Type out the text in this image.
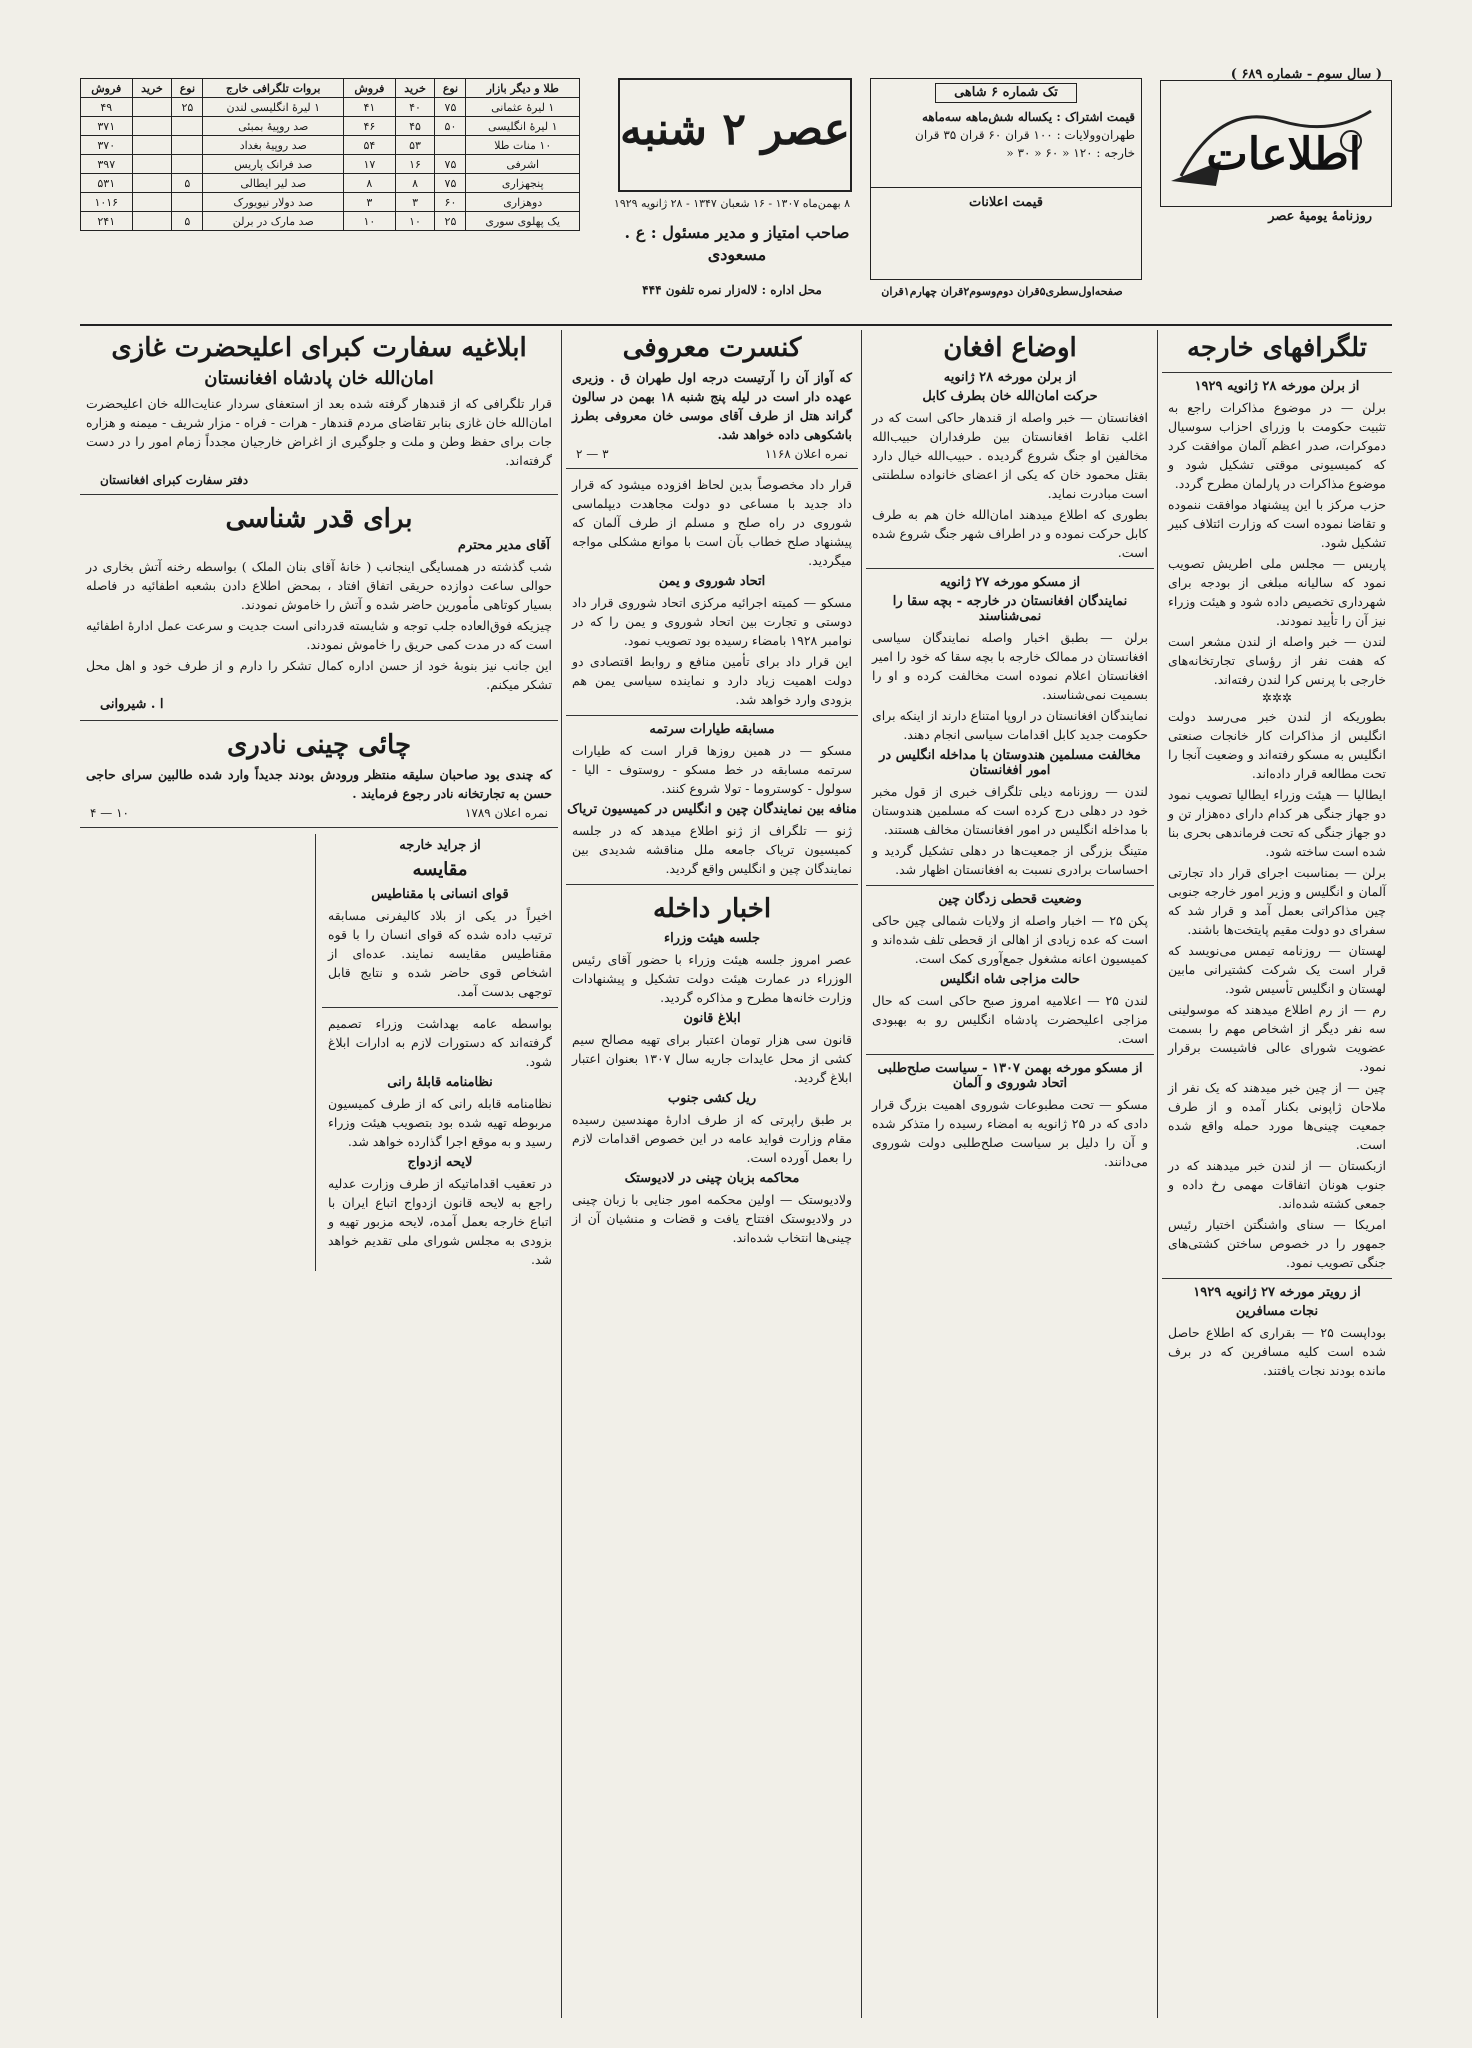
اطلاعات
( سال سوم - شماره ۶۸۹ )
روزنامهٔ یومیهٔ عصر
تک شماره ۶ شاهی
قیمت اشتراک : یکساله شش‌ماهه سه‌ماهه
طهران‌وولایات : ۱۰۰ قران ۶۰ قران ۳۵ قران
خارجه : ۱۲۰ « ۶۰ « ۳۰ «
قیمت اعلانات
صفحه‌اول‌سطری۵قران دوم‌وسوم۲قران چهارم۱قران
عصر ۲ شنبه
۸ بهمن‌ماه ۱۳۰۷ - ۱۶ شعبان ۱۳۴۷ - ۲۸ ژانویه ۱۹۲۹
صاحب امتیاز و مدیر مسئول : ع . مسعودی
محل اداره : لاله‌زار نمره تلفون ۴۴۴
طلا و دیگر بازار	نوع	خرید	فروش	بروات تلگرافی خارج	نوع	خرید	فروش
۱ لیرهٔ عثمانی	۷۵	۴۰	۴۱	۱ لیرهٔ انگلیسی لندن	۲۵		۴۹
۱ لیرهٔ انگلیسی	۵۰	۴۵	۴۶	صد روپیهٔ بمبئی			۳۷۱
۱۰ منات طلا		۵۳	۵۴	صد روپیهٔ بغداد			۳۷۰
اشرفی	۷۵	۱۶	۱۷	صد فرانک پاریس			۳۹۷
پنجهزاری	۷۵	۸	۸	صد لیر ایطالی	۵		۵۳۱
دوهزاری	۶۰	۳	۳	صد دولار نیویورک			۱۰۱۶
یک پهلوی سوری	۲۵	۱۰	۱۰	صد مارک در برلن	۵		۲۴۱
تلگرافهای خارجه
از برلن مورخه ۲۸ ژانویه ۱۹۲۹

برلن — در موضوع مذاکرات راجع به تثبیت حکومت با وزرای احزاب سوسیال دموکرات، صدر اعظم آلمان موافقت کرد که کمیسیونی موقتی تشکیل شود و موضوع مذاکرات در پارلمان مطرح گردد.

حزب مرکز با این پیشنهاد موافقت ننموده و تقاضا نموده است که وزارت ائتلاف کبیر تشکیل شود.

پاریس — مجلس ملی اطریش تصویب نمود که سالیانه مبلغی از بودجه برای شهرداری تخصیص داده شود و هیئت وزراء نیز آن را تأیید نمودند.

لندن — خبر واصله از لندن مشعر است که هفت نفر از رؤسای تجارتخانه‌های خارجی با پرنس کرا لندن رفته‌اند.

✲✲✲

بطوریکه از لندن خبر می‌رسد دولت انگلیس از مذاکرات کار خانجات صنعتی انگلیس به مسکو رفته‌اند و وضعیت آنجا را تحت مطالعه قرار داده‌اند.

ایطالیا — هیئت وزراء ایطالیا تصویب نمود دو جهاز جنگی هر کدام دارای ده‌هزار تن و دو جهاز جنگی که تحت فرماندهی بحری بنا شده است ساخته شود.

برلن — بمناسبت اجرای قرار داد تجارتی آلمان و انگلیس و وزیر امور خارجه جنوبی چین مذاکراتی بعمل آمد و قرار شد که سفرای دو دولت مقیم پایتخت‌ها باشند.

لهستان — روزنامه تیمس می‌نویسد که قرار است یک شرکت کشتیرانی مابین لهستان و انگلیس تأسیس شود.

رم — از رم اطلاع میدهند که موسولینی سه نفر دیگر از اشخاص مهم را بسمت عضویت شورای عالی فاشیست برقرار نمود.

چین — از چین خبر میدهند که یک نفر از ملاحان ژاپونی بکنار آمده و از طرف جمعیت چینی‌ها مورد حمله واقع شده است.

ازبکستان — از لندن خبر میدهند که در جنوب هونان اتفاقات مهمی رخ داده و جمعی کشته شده‌اند.

امریکا — سنای واشنگتن اختیار رئیس جمهور را در خصوص ساختن کشتی‌های جنگی تصویب نمود.

از رویتر مورخه ۲۷ ژانویه ۱۹۲۹
نجات مسافرین

بوداپست ۲۵ — بقراری که اطلاع حاصل شده است کلیه مسافرین که در برف مانده بودند نجات یافتند.

اوضاع افغان
از برلن مورخه ۲۸ ژانویه
حرکت امان‌الله خان بطرف کابل

افغانستان — خبر واصله از قندهار حاکی است که در اغلب نقاط افغانستان بین طرفداران حبیب‌الله مخالفین او جنگ شروع گردیده . حبیب‌الله خیال دارد بقتل محمود خان که یکی از اعضای خانواده سلطنتی است مبادرت نماید.

بطوری که اطلاع میدهند امان‌الله خان هم به طرف کابل حرکت نموده و در اطراف شهر جنگ شروع شده است.

از مسکو مورخه ۲۷ ژانویه
نمایندگان افغانستان در خارجه - بچه سقا را نمی‌شناسند

برلن — بطبق اخبار واصله نمایندگان سیاسی افغانستان در ممالک خارجه با بچه سقا که خود را امیر افغانستان اعلام نموده است مخالفت کرده و او را بسمیت نمی‌شناسند.

نمایندگان افغانستان در اروپا امتناع دارند از اینکه برای حکومت جدید کابل اقدامات سیاسی انجام دهند.

مخالفت مسلمین هندوستان با مداخله انگلیس در امور افغانستان

لندن — روزنامه دیلی تلگراف خبری از قول مخبر خود در دهلی درج کرده است که مسلمین هندوستان با مداخله انگلیس در امور افغانستان مخالف هستند.

متینگ بزرگی از جمعیت‌ها در دهلی تشکیل گردید و احساسات برادری نسبت به افغانستان اظهار شد.

وضعیت قحطی زدگان چین

پکن ۲۵ — اخبار واصله از ولایات شمالی چین حاکی است که عده زیادی از اهالی از قحطی تلف شده‌اند و کمیسیون اعانه مشغول جمع‌آوری کمک است.

حالت مزاجی شاه انگلیس

لندن ۲۵ — اعلامیه امروز صبح حاکی است که حال مزاجی اعلیحضرت پادشاه انگلیس رو به بهبودی است.

از مسکو مورخه بهمن ۱۳۰۷ - سیاست صلح‌طلبی اتحاد شوروی و آلمان

مسکو — تحت مطبوعات شوروی اهمیت بزرگ قرار دادی که در ۲۵ ژانویه به امضاء رسیده را متذکر شده و آن را دلیل بر سیاست صلح‌طلبی دولت شوروی می‌دانند.

کنسرت معروفی

که آواز آن را آرتیست درجه اول طهران ق . وزیری عهده دار است در لیله پنج شنبه ۱۸ بهمن در سالون گراند هتل از طرف آقای موسی خان معروفی بطرز باشکوهی داده خواهد شد.

نمره اعلان ۱۱۶۸
۳ — ۲

قرار داد مخصوصاً بدین لحاظ افزوده میشود که قرار داد جدید با مساعی دو دولت مجاهدت دیپلماسی شوروی در راه صلح و مسلم از طرف آلمان که پیشنهاد صلح خطاب بآن است با موانع مشکلی مواجه میگردید.

اتحاد شوروی و یمن

مسکو — کمیته اجرائیه مرکزی اتحاد شوروی قرار داد دوستی و تجارت بین اتحاد شوروی و یمن را که در نوامبر ۱۹۲۸ بامضاء رسیده بود تصویب نمود.

این قرار داد برای تأمین منافع و روابط اقتصادی دو دولت اهمیت زیاد دارد و نماینده سیاسی یمن هم بزودی وارد خواهد شد.

مسابقه طیارات سرتمه

مسکو — در همین روزها قرار است که طیارات سرتمه مسابقه در خط مسکو - روستوف - الیا - سولول - کوستروما - تولا شروع کنند.

منافه بین نمایندگان چین و انگلیس در کمیسیون تریاک

ژنو — تلگراف از ژنو اطلاع میدهد که در جلسه کمیسیون تریاک جامعه ملل مناقشه شدیدی بین نمایندگان چین و انگلیس واقع گردید.

اخبار داخله
جلسه هیئت وزراء

عصر امروز جلسه هیئت وزراء با حضور آقای رئیس الوزراء در عمارت هیئت دولت تشکیل و پیشنهادات وزارت خانه‌ها مطرح و مذاکره گردید.

ابلاغ قانون

قانون سی هزار تومان اعتبار برای تهیه مصالح سیم کشی از محل عایدات جاریه سال ۱۳۰۷ بعنوان اعتبار ابلاغ گردید.

ریل کشی جنوب

بر طبق راپرتی که از طرف ادارهٔ مهندسین رسیده مقام وزارت فواید عامه در این خصوص اقدامات لازم را بعمل آورده است.

محاکمه بزبان چینی در لادیوستک

ولادیوستک — اولین محکمه امور جنایی با زبان چینی در ولادیوستک افتتاح یافت و قضات و منشیان آن از چینی‌ها انتخاب شده‌اند.

ابلاغیه سفارت کبرای اعلیحضرت غازی
امان‌الله خان پادشاه افغانستان

قرار تلگرافی که از قندهار گرفته شده بعد از استعفای سردار عنایت‌الله خان اعلیحضرت امان‌الله خان غازی بنابر تقاضای مردم قندهار - هرات - فراه - مزار شریف - میمنه و هزاره جات برای حفظ وطن و ملت و جلوگیری از اغراض خارجیان مجدداً زمام امور را در دست گرفته‌اند.

دفتر سفارت کبرای افغانستان
برای قدر شناسی
آقای مدیر محترم

شب گذشته در همسایگی اینجانب ( خانهٔ آقای بنان الملک ) بواسطه رخنه آتش بخاری در حوالی ساعت دوازده حریقی اتفاق افتاد ، بمحض اطلاع دادن بشعبه اطفائیه در فاصله بسیار کوتاهی مأمورین حاضر شده و آتش را خاموش نمودند.

چیزیکه فوق‌العاده جلب توجه و شایسته قدردانی است جدیت و سرعت عمل ادارهٔ اطفائیه است که در مدت کمی حریق را خاموش نمودند.

این جانب نیز بنوبهٔ خود از حسن اداره کمال تشکر را دارم و از طرف خود و اهل محل تشکر میکنم.

ا . شیروانی
چائی چینی نادری

که چندی بود صاحبان سلیقه منتظر ورودش بودند جدیداً وارد شده طالبین سرای حاجی حسن به تجارتخانه نادر رجوع فرمایند .

نمره اعلان ۱۷۸۹
۱۰ — ۴
از جراید خارجه
مقایسه
قوای انسانی با مقناطیس

اخیراً در یکی از بلاد کالیفرنی مسابقه ترتیب داده شده که قوای انسان را با قوه مقناطیس مقایسه نمایند. عده‌ای از اشخاص قوی حاضر شده و نتایج قابل توجهی بدست آمد.

بواسطه عامه بهداشت وزراء تصمیم گرفته‌اند که دستورات لازم به ادارات ابلاغ شود.

نظامنامه قابلۀ رانی

نظامنامه قابله رانی که از طرف کمیسیون مربوطه تهیه شده بود بتصویب هیئت وزراء رسید و به موقع اجرا گذارده خواهد شد.

لایحه ازدواج

در تعقیب اقداماتیکه از طرف وزارت عدلیه راجع به لایحه قانون ازدواج اتباع ایران با اتباع خارجه بعمل آمده، لایحه مزبور تهیه و بزودی به مجلس شورای ملی تقدیم خواهد شد.
